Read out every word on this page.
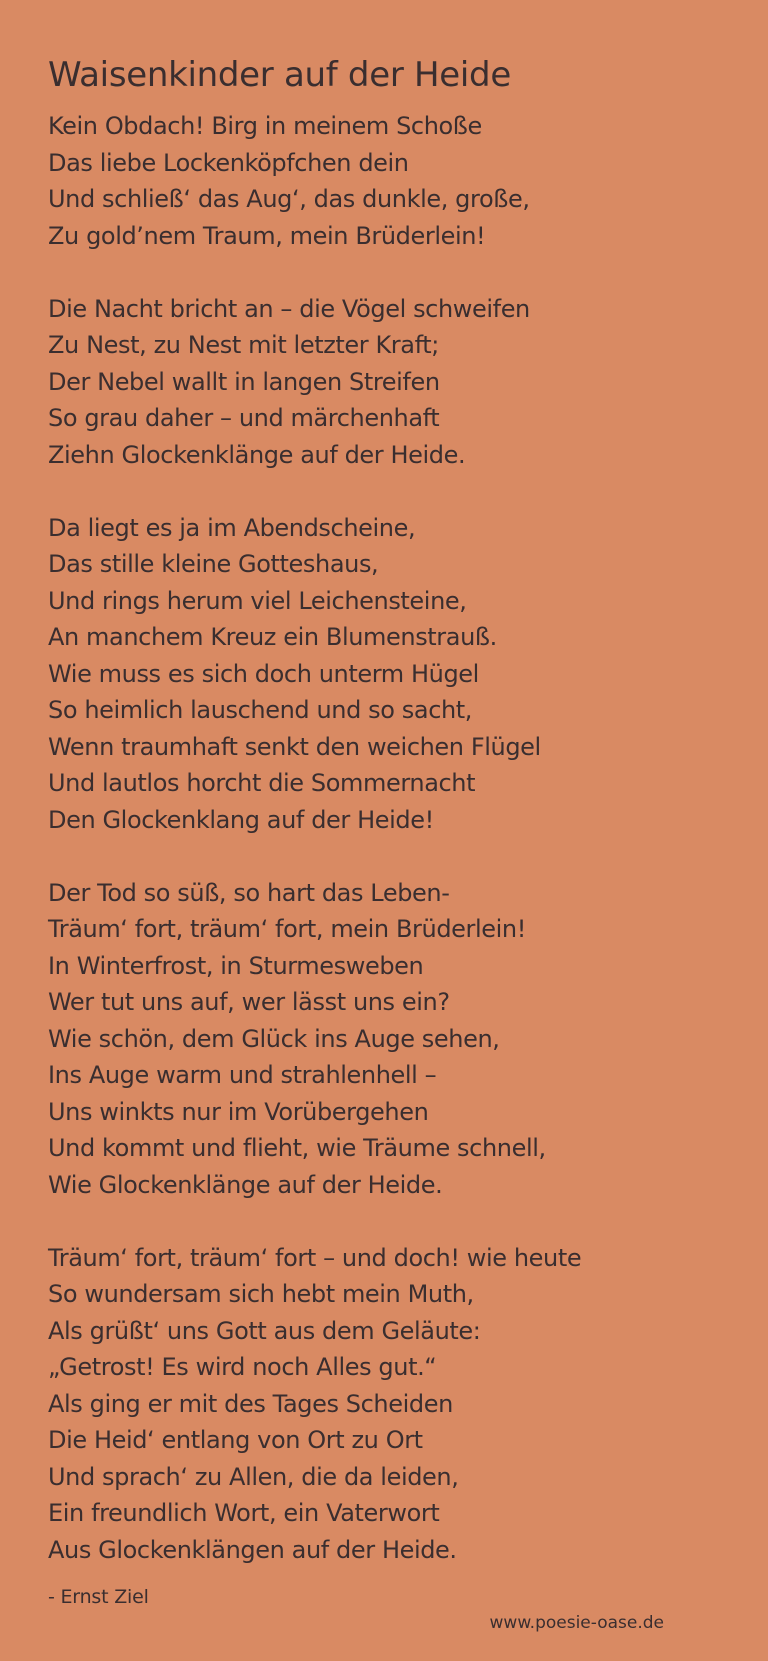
Waisenkinder auf der Heide
Kein Obdach! Birg in meinem Schoße
Das liebe Lockenköpfchen dein
Und schließ‘ das Aug‘, das dunkle, große,
Zu gold’nem Traum, mein Brüderlein!
Die Nacht bricht an – die Vögel schweifen
Zu Nest, zu Nest mit letzter Kraft;
Der Nebel wallt in langen Streifen
So grau daher – und märchenhaft
Ziehn Glockenklänge auf der Heide.
Da liegt es ja im Abendscheine,
Das stille kleine Gotteshaus,
Und rings herum viel Leichensteine,
An manchem Kreuz ein Blumenstrauß.
Wie muss es sich doch unterm Hügel
So heimlich lauschend und so sacht,
Wenn traumhaft senkt den weichen Flügel
Und lautlos horcht die Sommernacht
Den Glockenklang auf der Heide!
Der Tod so süß, so hart das Leben-
Träum‘ fort, träum‘ fort, mein Brüderlein!
In Winterfrost, in Sturmesweben
Wer tut uns auf, wer lässt uns ein?
Wie schön, dem Glück ins Auge sehen,
Ins Auge warm und strahlenhell –
Uns winkts nur im Vorübergehen
Und kommt und flieht, wie Träume schnell,
Wie Glockenklänge auf der Heide.
Träum‘ fort, träum‘ fort – und doch! wie heute
So wundersam sich hebt mein Muth,
Als grüßt‘ uns Gott aus dem Geläute:
„Getrost! Es wird noch Alles gut.“
Als ging er mit des Tages Scheiden
Die Heid‘ entlang von Ort zu Ort
Und sprach‘ zu Allen, die da leiden,
Ein freundlich Wort, ein Vaterwort
Aus Glockenklängen auf der Heide.
- Ernst Ziel
www.poesie-oase.de
